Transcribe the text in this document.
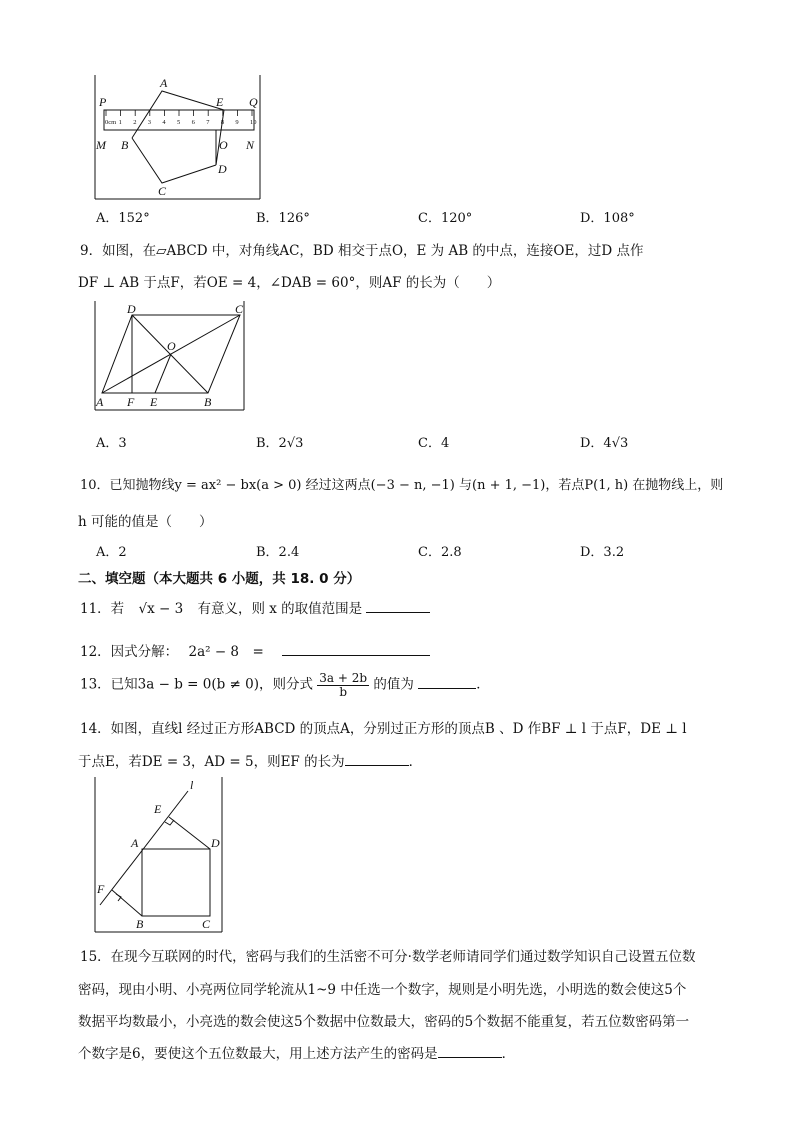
0cm 1 2 3 4 5 6 7 8 9 10
P	Q
M	N
A
E
B	O
D
C
A．152°	B．126°	C．120°	D．108°
9．如图，在▱ABCD 中，对角线AC，BD 相交于点O，E 为 AB 的中点，连接OE，过D 点作
DF ⊥ AB 于点F，若OE = 4，∠DAB = 60°，则AF 的长为（　　）
A	B
C
D
O
F E
A．3	B．2√3	C．4	D．4√3
10．已知抛物线y = ax² − bx(a > 0) 经过这两点(−3 − n, −1) 与(n + 1, −1)，若点P(1, h) 在抛物线上，则
h 可能的值是（　　）
A．2	B．2.4	C．2.8	D．3.2
二、填空题（本大题共 6 小题，共 18. 0 分）
11．若 √x − 3 有意义，则 x 的取值范围是
12．因式分解： 2a² − 8　=　
13．已知3a − b = 0(b ≠ 0)，则分式 $\frac{3a + 2b}{b}$ 的值为	．
14．如图，直线l 经过正方形ABCD 的顶点A，分别过正方形的顶点B 、D 作BF ⊥ l 于点F，DE ⊥ l
于点E，若DE = 3，AD = 5，则EF 的长为	．
l
E
A	D
F
B	C
15．在现今互联网的时代，密码与我们的生活密不可分·数学老师请同学们通过数学知识自己设置五位数
密码，现由小明、小亮两位同学轮流从1~9 中任选一个数字，规则是小明先选，小明选的数会使这5个
数据平均数最小，小亮选的数会使这5个数据中位数最大，密码的5个数据不能重复，若五位数密码第一
个数字是6，要使这个五位数最大，用上述方法产生的密码是	．
